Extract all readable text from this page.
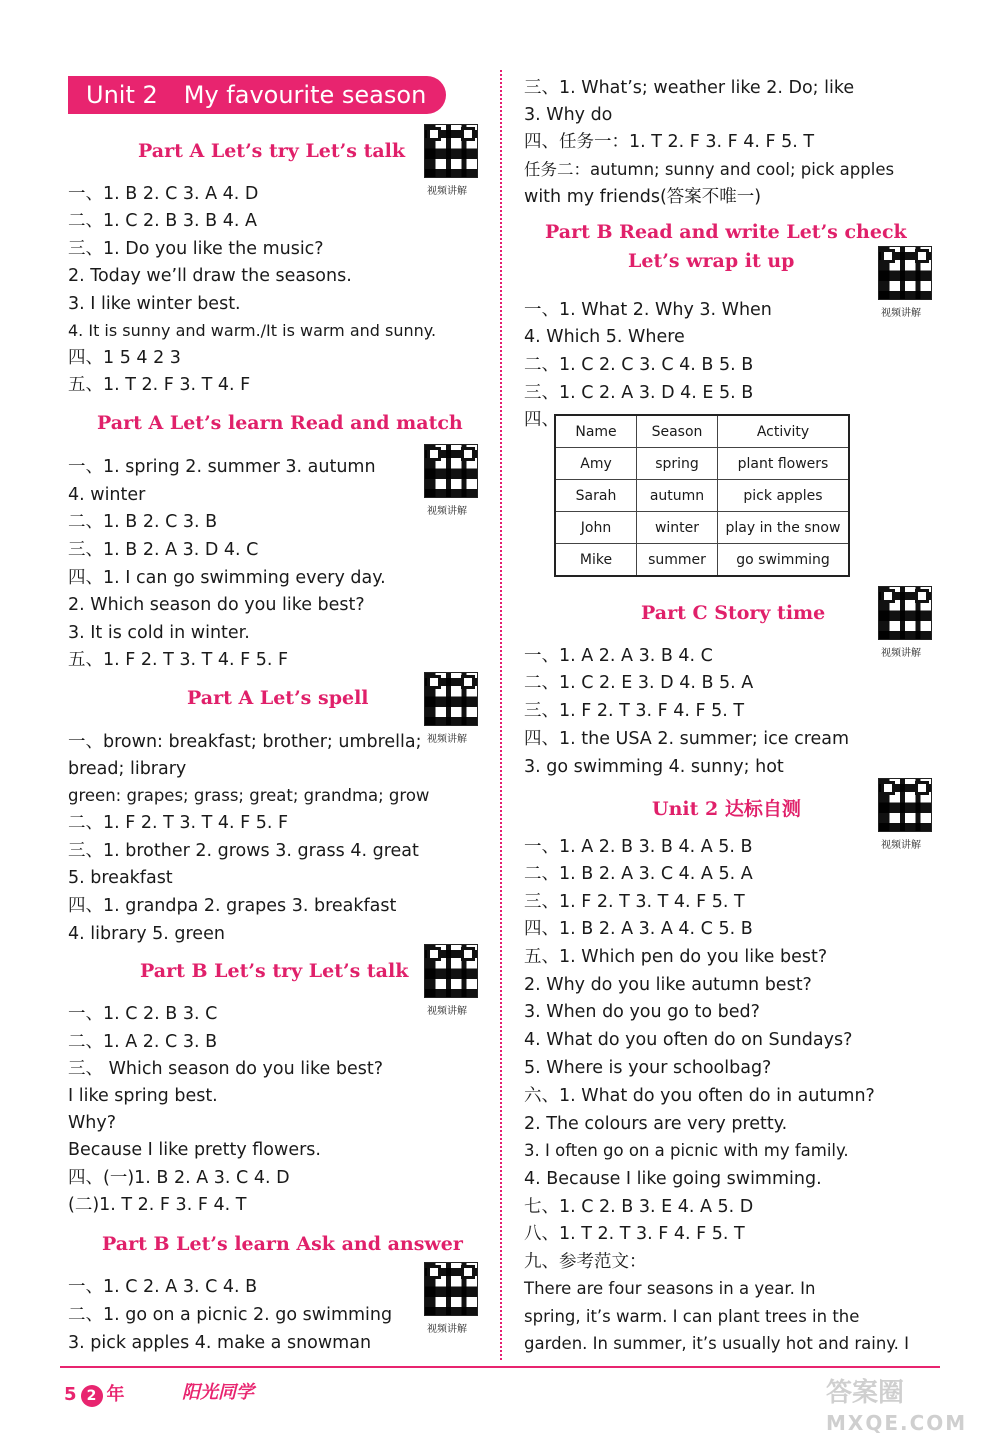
Unit 2 My favourite season
Part A Let’s try Let’s talk
视频讲解
一、1. B 2. C 3. A 4. D
二、1. C 2. B 3. B 4. A
三、1. Do you like the music?
2. Today we’ll draw the seasons.
3. I like winter best.
4. It is sunny and warm./It is warm and sunny.
四、1 5 4 2 3
五、1. T 2. F 3. T 4. F
Part A Let’s learn Read and match
视频讲解
一、1. spring 2. summer 3. autumn
4. winter
二、1. B 2. C 3. B
三、1. B 2. A 3. D 4. C
四、1. I can go swimming every day.
2. Which season do you like best?
3. It is cold in winter.
五、1. F 2. T 3. T 4. F 5. F
Part A Let’s spell
视频讲解
一、brown: breakfast; brother; umbrella;
bread; library
green: grapes; grass; great; grandma; grow
二、1. F 2. T 3. T 4. F 5. F
三、1. brother 2. grows 3. grass 4. great
5. breakfast
四、1. grandpa 2. grapes 3. breakfast
4. library 5. green
Part B Let’s try Let’s talk
视频讲解
一、1. C 2. B 3. C
二、1. A 2. C 3. B
三、 Which season do you like best?
I like spring best.
Why?
Because I like pretty flowers.
四、(一)1. B 2. A 3. C 4. D
(二)1. T 2. F 3. F 4. T
Part B Let’s learn Ask and answer
视频讲解
一、1. C 2. A 3. C 4. B
二、1. go on a picnic 2. go swimming
3. pick apples 4. make a snowman
三、1. What’s; weather like 2. Do; like
3. Why do
四、任务一：1. T 2. F 3. F 4. F 5. T
任务二：autumn; sunny and cool; pick apples
with my friends(答案不唯一)
Part B Read and write Let’s check
Let’s wrap it up
视频讲解
一、1. What 2. Why 3. When
4. Which 5. Where
二、1. C 2. C 3. C 4. B 5. B
三、1. C 2. A 3. D 4. E 5. B
四、
Name	Season	Activity
Amy	spring	plant flowers
Sarah	autumn	pick apples
John	winter	play in the snow
Mike	summer	go swimming
Part C Story time
视频讲解
一、1. A 2. A 3. B 4. C
二、1. C 2. E 3. D 4. B 5. A
三、1. F 2. T 3. F 4. F 5. T
四、1. the USA 2. summer; ice cream
3. go swimming 4. sunny; hot
Unit 2 达标自测
视频讲解
一、1. A 2. B 3. B 4. A 5. B
二、1. B 2. A 3. C 4. A 5. A
三、1. F 2. T 3. T 4. F 5. T
四、1. B 2. A 3. A 4. C 5. B
五、1. Which pen do you like best?
2. Why do you like autumn best?
3. When do you go to bed?
4. What do you often do on Sundays?
5. Where is your schoolbag?
六、1. What do you often do in autumn?
2. The colours are very pretty.
3. I often go on a picnic with my family.
4. Because I like going swimming.
七、1. C 2. B 3. E 4. A 5. D
八、1. T 2. T 3. F 4. F 5. T
九、参考范文：
There are four seasons in a year. In
spring, it’s warm. I can plant trees in the
garden. In summer, it’s usually hot and rainy. I
5 2 年	阳光同学	答案圈
MXQE.COM
